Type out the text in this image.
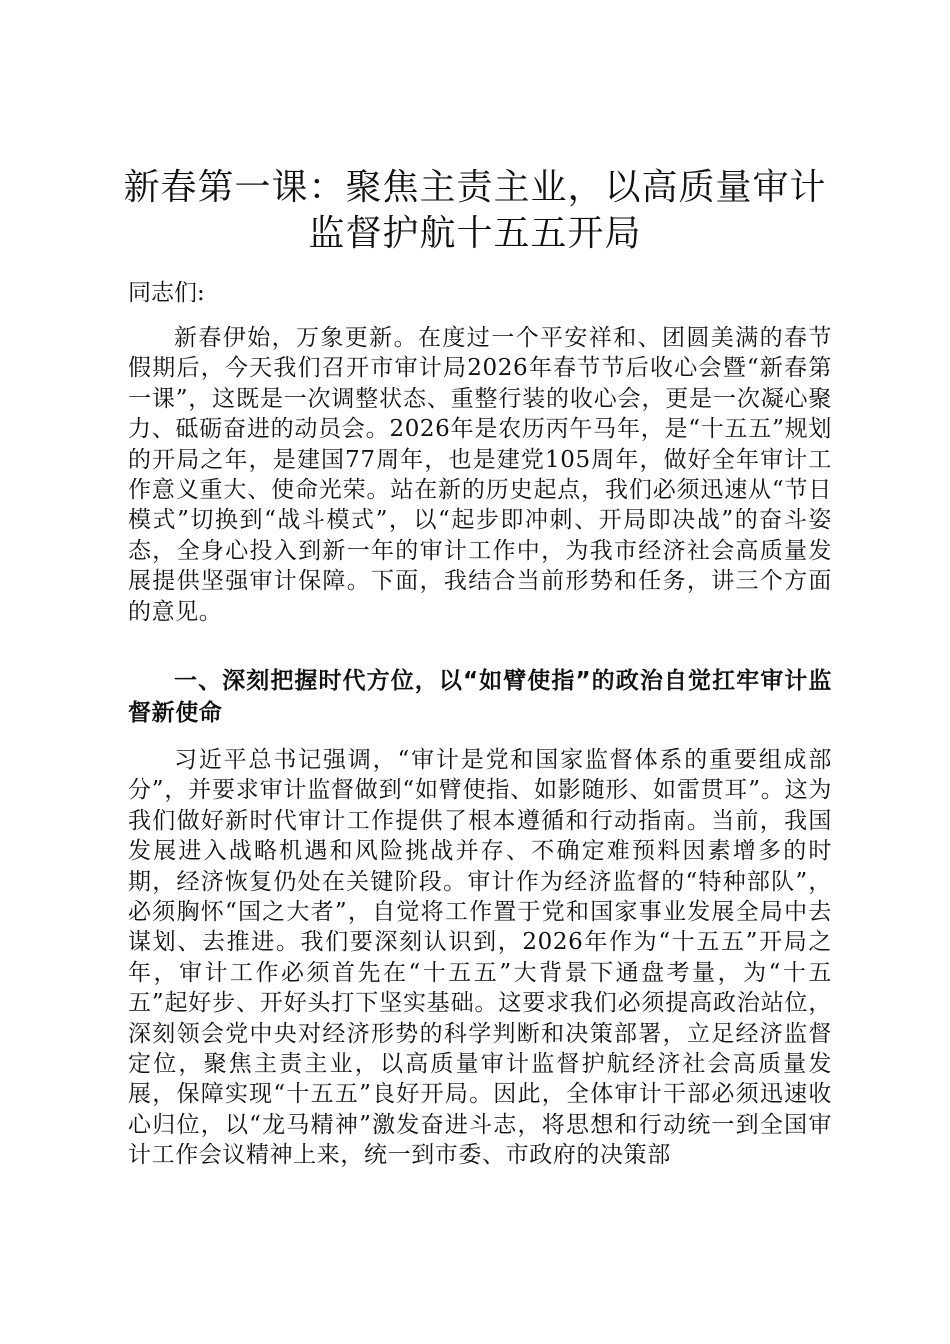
新春第一课：聚焦主责主业，以高质量审计监督护航十五五开局

同志们:

新春伊始，万象更新。在度过一个平安祥和、团圆美满的春节假期后，今天我们召开市审计局2026年春节节后收心会暨“新春第一课”，这既是一次调整状态、重整行装的收心会，更是一次凝心聚力、砥砺奋进的动员会。2026年是农历丙午马年，是“十五五”规划的开局之年，是建国77周年，也是建党105周年，做好全年审计工作意义重大、使命光荣。站在新的历史起点，我们必须迅速从“节日模式”切换到“战斗模式”，以“起步即冲刺、开局即决战”的奋斗姿态，全身心投入到新一年的审计工作中，为我市经济社会高质量发展提供坚强审计保障。下面，我结合当前形势和任务，讲三个方面的意见。

一、深刻把握时代方位，以“如臂使指”的政治自觉扛牢审计监督新使命

习近平总书记强调，“审计是党和国家监督体系的重要组成部分”，并要求审计监督做到“如臂使指、如影随形、如雷贯耳”。这为我们做好新时代审计工作提供了根本遵循和行动指南。当前，我国发展进入战略机遇和风险挑战并存、不确定难预料因素增多的时期，经济恢复仍处在关键阶段。审计作为经济监督的“特种部队”，必须胸怀“国之大者”，自觉将工作置于党和国家事业发展全局中去谋划、去推进。我们要深刻认识到，2026年作为“十五五”开局之年，审计工作必须首先在“十五五”大背景下通盘考量，为“十五五”起好步、开好头打下坚实基础。这要求我们必须提高政治站位，深刻领会党中央对经济形势的科学判断和决策部署，立足经济监督定位，聚焦主责主业，以高质量审计监督护航经济社会高质量发展，保障实现“十五五”良好开局。因此，全体审计干部必须迅速收心归位，以“龙马精神”激发奋进斗志，将思想和行动统一到全国审计工作会议精神上来，统一到市委、市政府的决策部
